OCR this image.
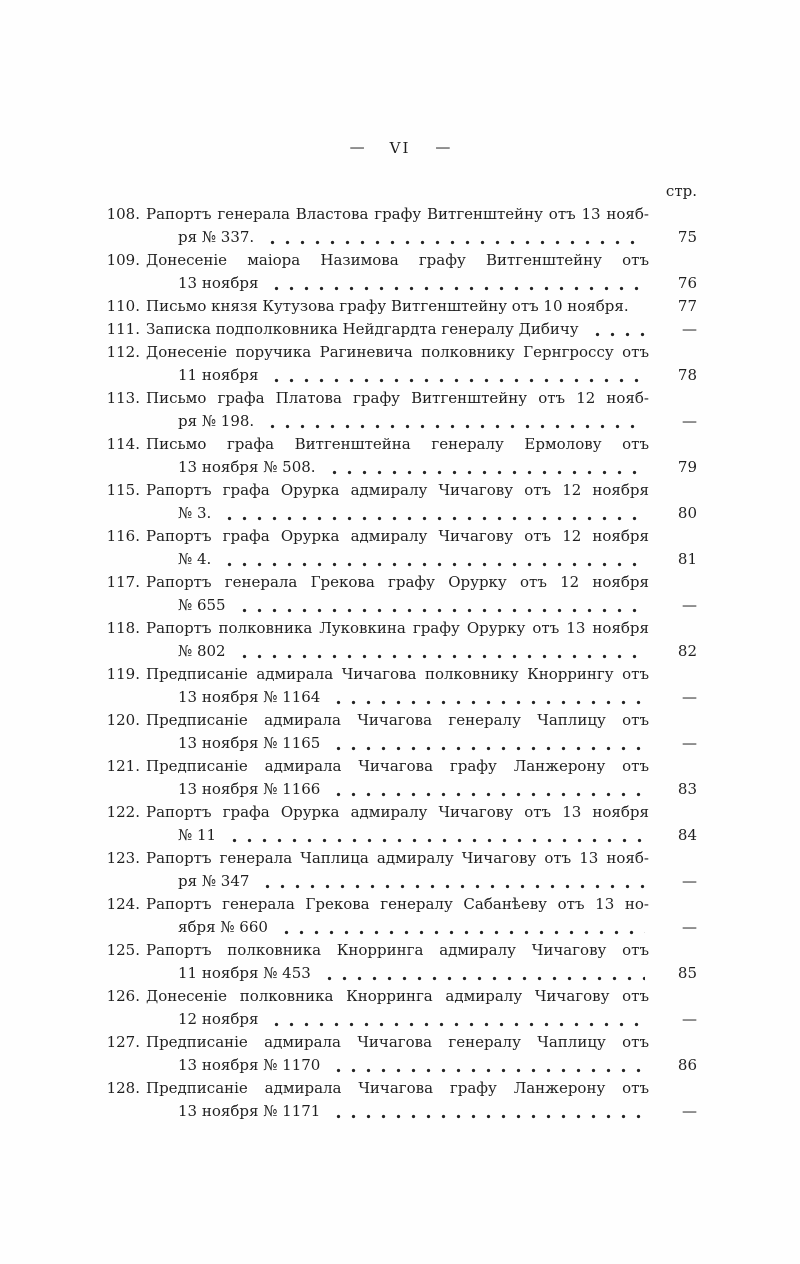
— VI —
стр.
108. Рапортъ генерала Властова графу Витгенштейну отъ 13 нояб-
ря № 337.	75
109. Донесеніе маіора Назимова графу Витгенштейну отъ
13 ноября	76
110. Письмо князя Кутузова графу Витгенштейну отъ 10 ноября.	77
111. Записка подполковника Нейдгардта генералу Дибичу	—
112. Донесеніе поручика Рагиневича полковнику Гернгроссу отъ
11 ноября	78
113. Письмо графа Платова графу Витгенштейну отъ 12 нояб-
ря № 198.	—
114. Письмо графа Витгенштейна генералу Ермолову отъ
13 ноября № 508.	79
115. Рапортъ графа Орурка адмиралу Чичагову отъ 12 ноября
№ 3.	80
116. Рапортъ графа Орурка адмиралу Чичагову отъ 12 ноября
№ 4.	81
117. Рапортъ генерала Грекова графу Орурку отъ 12 ноября
№ 655	—
118. Рапортъ полковника Луковкина графу Орурку отъ 13 ноября
№ 802	82
119. Предписаніе адмирала Чичагова полковнику Кноррингу отъ
13 ноября № 1164	—
120. Предписаніе адмирала Чичагова генералу Чаплицу отъ
13 ноября № 1165	—
121. Предписаніе адмирала Чичагова графу Ланжерону отъ
13 ноября № 1166	83
122. Рапортъ графа Орурка адмиралу Чичагову отъ 13 ноября
№ 11	84
123. Рапортъ генерала Чаплица адмиралу Чичагову отъ 13 нояб-
ря № 347	—
124. Рапортъ генерала Грекова генералу Сабанѣеву отъ 13 но-
ября № 660	—
125. Рапортъ полковника Кнорринга адмиралу Чичагову отъ
11 ноября № 453	85
126. Донесеніе полковника Кнорринга адмиралу Чичагову отъ
12 ноября	—
127. Предписаніе адмирала Чичагова генералу Чаплицу отъ
13 ноября № 1170	86
128. Предписаніе адмирала Чичагова графу Ланжерону отъ
13 ноября № 1171	—
